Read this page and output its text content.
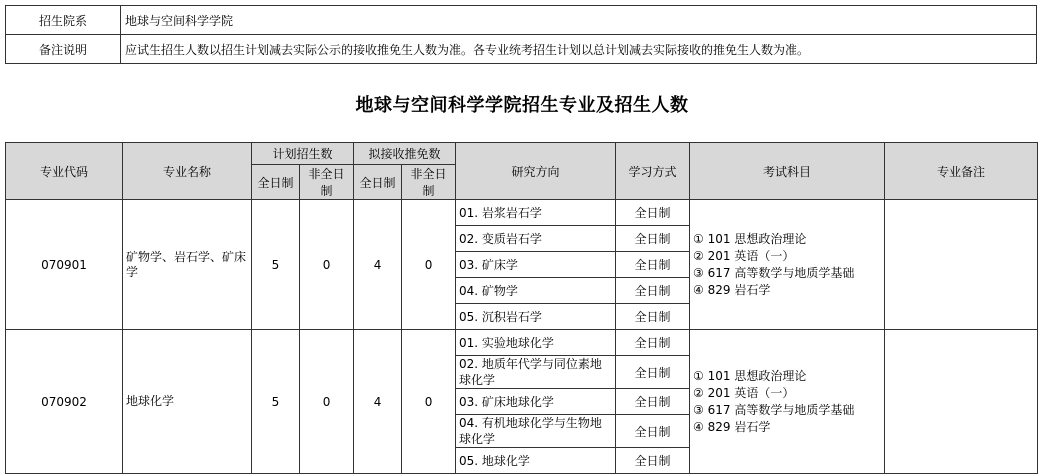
招生院系	地球与空间科学学院
备注说明	应试生招生人数以招生计划减去实际公示的接收推免生人数为准。各专业统考招生计划以总计划减去实际接收的推免生人数为准。
地球与空间科学学院招生专业及招生人数
专业代码	专业名称	计划招生数		拟接收推免数		研究方向	学习方式	考试科目	专业备注
		全日制	非全日制	全日制	非全日制				
070901	矿物学、岩石学、矿床学	5	0	4	0	01. 岩浆岩石学	全日制	① 101 思想政治理论
② 201 英语（一）
③ 617 高等数学与地质学基础
④ 829 岩石学	

						02. 变质岩石学	全日制		
						03. 矿床学	全日制		
						04. 矿物学	全日制		
						05. 沉积岩石学	全日制		
070902	地球化学	5	0	4	0	01. 实验地球化学	全日制	① 101 思想政治理论
② 201 英语（一）
③ 617 高等数学与地质学基础
④ 829 岩石学	

						02. 地质年代学与同位素地球化学	全日制		
						03. 矿床地球化学	全日制		
						04. 有机地球化学与生物地球化学	全日制		
						05. 地球化学	全日制		
